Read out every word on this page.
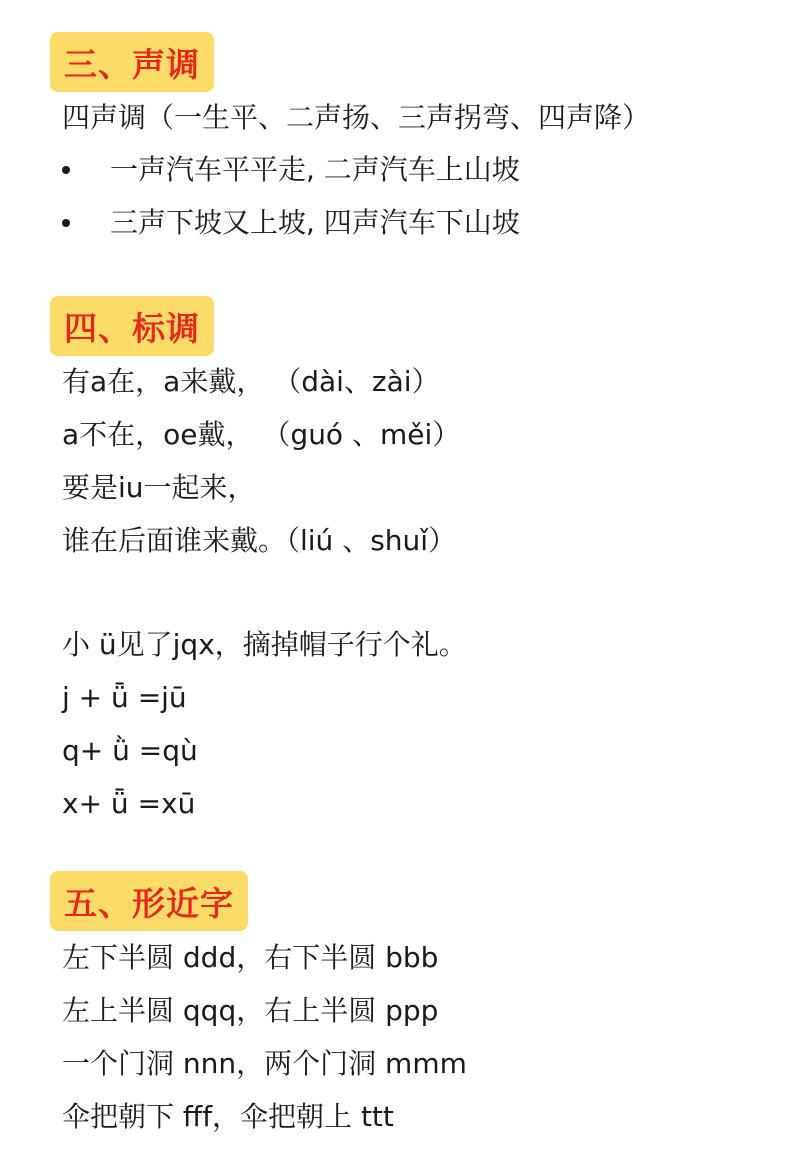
三、声调
四声调（一生平、二声扬、三声拐弯、四声降）
一声汽车平平走, 二声汽车上山坡
三声下坡又上坡, 四声汽车下山坡
四、标调
有a在，a来戴， （dài、zài）
a不在，oe戴， （guó 、měi）
要是iu一起来，
谁在后面谁来戴。（liú 、shuǐ）
小 ü见了jqx，摘掉帽子行个礼。
j + ǖ =jū
q+ ǜ =qù
x+ ǖ =xū
五、形近字
左下半圆 ddd，右下半圆 bbb
左上半圆 qqq，右上半圆 ppp
一个门洞 nnn，两个门洞 mmm
伞把朝下 fff，伞把朝上 ttt
